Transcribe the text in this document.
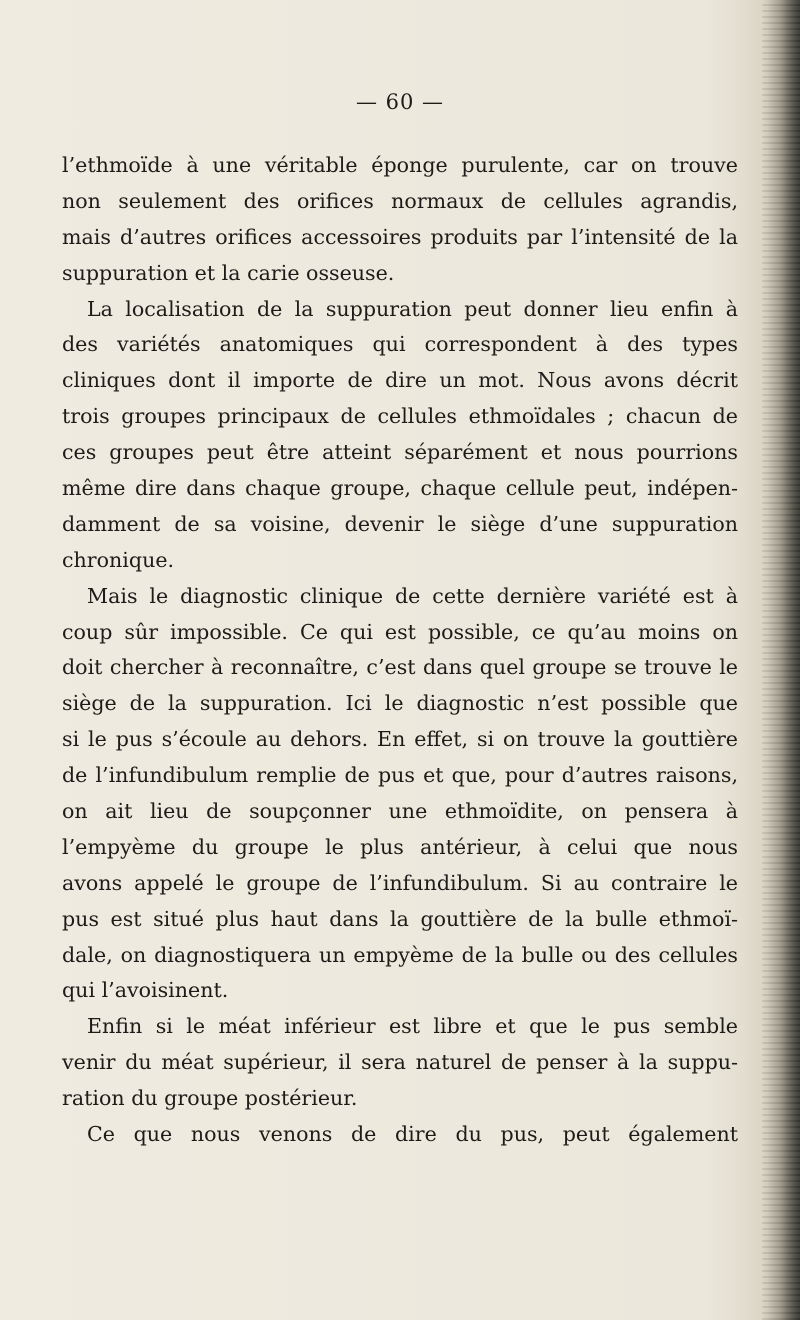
— 60 —

l’ethmoïde à une véritable éponge purulente, car on trouve
non seulement des orifices normaux de cellules agrandis,
mais d’autres orifices accessoires produits par l’intensité de la
suppuration et la carie osseuse.
La localisation de la suppuration peut donner lieu enfin à
des variétés anatomiques qui correspondent à des types
cliniques dont il importe de dire un mot. Nous avons décrit
trois groupes principaux de cellules ethmoïdales ; chacun de
ces groupes peut être atteint séparément et nous pourrions
même dire dans chaque groupe, chaque cellule peut, indépen-
damment de sa voisine, devenir le siège d’une suppuration
chronique.
Mais le diagnostic clinique de cette dernière variété est à
coup sûr impossible. Ce qui est possible, ce qu’au moins on
doit chercher à reconnaître, c’est dans quel groupe se trouve le
siège de la suppuration. Ici le diagnostic n’est possible que
si le pus s’écoule au dehors. En effet, si on trouve la gouttière
de l’infundibulum remplie de pus et que, pour d’autres raisons,
on ait lieu de soupçonner une ethmoïdite, on pensera à
l’empyème du groupe le plus antérieur, à celui que nous
avons appelé le groupe de l’infundibulum. Si au contraire le
pus est situé plus haut dans la gouttière de la bulle ethmoï-
dale, on diagnostiquera un empyème de la bulle ou des cellules
qui l’avoisinent.
Enfin si le méat inférieur est libre et que le pus semble
venir du méat supérieur, il sera naturel de penser à la suppu-
ration du groupe postérieur.
Ce que nous venons de dire du pus, peut également
